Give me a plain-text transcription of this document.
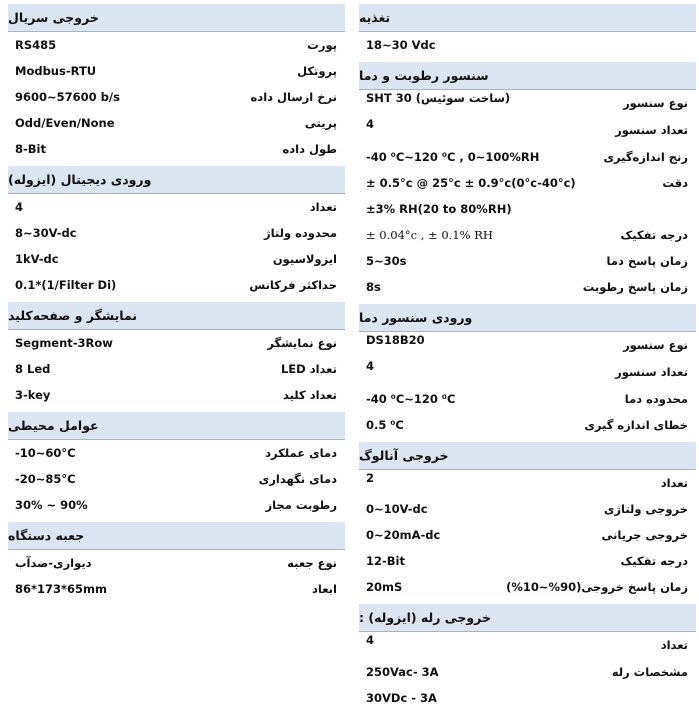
تغذیه
18~30 Vdc
سنسور رطوبت و دما
نوع سنسور
SHT 30 (ساخت سوئیس)
تعداد سنسور
4
رنج اندازه‌گیری
-40 ⁰C~120 ⁰C , 0~100%RH
دقت
± 0.5°c @ 25°c ± 0.9°c(0°c-40°c)
±3% RH(20 to 80%RH)
درجه تفکیک
± 0.04°c , ± 0.1% RH
زمان پاسخ دما
5~30s
زمان پاسخ رطوبت
8s
ورودی سنسور دما
نوع سنسور
DS18B20
تعداد سنسور
4
محدوده دما
-40 ⁰C~120 ⁰C
خطای اندازه گیری
0.5 ⁰C
خروجی آنالوگ
تعداد
2
خروجی ولتاژی
0~10V-dc
خروجی جریانی
0~20mA-dc
درجه تفکیک
12-Bit
زمان پاسخ خروجی(90%~10%)
20mS
خروجی رله (ایزوله) :
تعداد
4
مشخصات رله
250Vac- 3A
30VDc - 3A
خروجی سریال
پورت
RS485
پروتکل
Modbus-RTU
نرخ ارسال داده
9600~57600 b/s
پریتی
Odd/Even/None
طول داده
8-Bit
ورودی دیجیتال (ایزوله)
تعداد
4
محدوده ولتاژ
8~30V-dc
ایزولاسیون
1kV-dc
حداکثر فرکانس
0.1*(1/Filter Di)
نمایشگر و صفحه‌کلید
نوع نمایشگر
Segment-3Row
تعداد LED
8 Led
تعداد کلید
3-key
عوامل محیطی
دمای عملکرد
-10~60°C
دمای نگهداری
-20~85°C
رطوبت مجاز
30% ~ 90%
جعبه دستگاه
نوع جعبه
دیواری-ضدآب
ابعاد
86*173*65mm
